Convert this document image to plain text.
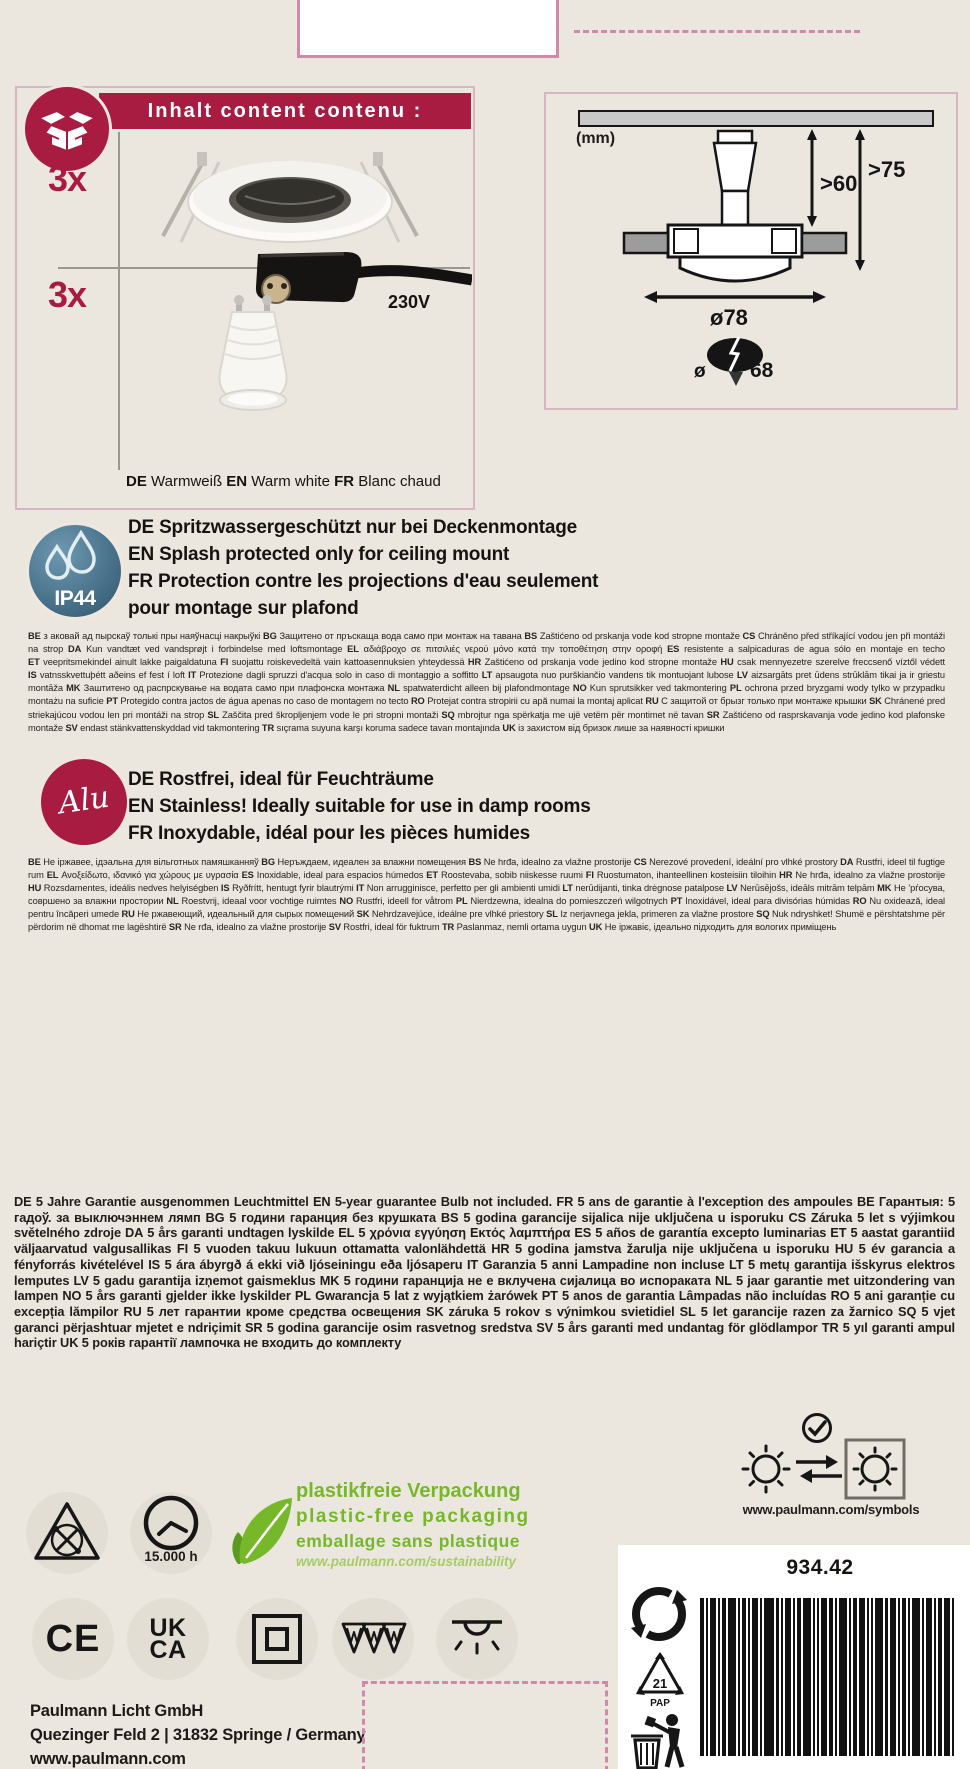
Inhalt content contenu :
3x
3x	230V
DE Warmweiß EN Warm white FR Blanc chaud
(mm)
>60
>75
ø78
ø 68
IP44
DE Spritzwassergeschützt nur bei Deckenmontage
EN Splash protected only for ceiling mount
FR Protection contre les projections d'eau seulement
pour montage sur plafond
BE з аковай ад пырскаў толькі пры наяўнасці накрыўкі BG Защитено от пръскаща вода само при монтаж на тавана BS Zaštićeno od prskanja vode kod stropne montaže CS Chráněno před stříkající vodou jen při montáži na strop DA Kun vandtæt ved vandsprøjt i forbindelse med loftsmontage EL αδιάβροχο σε πιτσιλιές νερού μόνο κατά την τοποθέτηση στην οροφή ES resistente a salpicaduras de agua sólo en montaje en techo ET veepritsmekindel ainult lakke paigaldatuna FI suojattu roiskevedeltä vain kattoasennuksien yhteydessä HR Zaštićeno od prskanja vode jedino kod stropne montaže HU csak mennyezetre szerelve freccsenő víztől védett IS vatnsskvettuþétt aðeins ef fest í loft IT Protezione dagli spruzzi d'acqua solo in caso di montaggio a soffitto LT apsaugota nuo purškiančio vandens tik montuojant lubose LV aizsargāts pret ūdens strūklām tikai ja ir griestu montāža MK Заштитено од распрскување на водата само при плафонска монтажа NL spatwaterdicht alleen bij plafondmontage NO Kun sprutsikker ved takmontering PL ochrona przed bryzgami wody tylko w przypadku montażu na suficie PT Protegido contra jactos de água apenas no caso de montagem no tecto RO Protejat contra stropirii cu apă numai la montaj aplicat RU С защитой от брызг только при монтаже крышки SK Chránené pred striekajúcou vodou len pri montáži na strop SL Zaščita pred škropljenjem vode le pri stropni montaži SQ mbrojtur nga spërkatja me ujë vetëm për montimet në tavan SR Zaštićeno od rasprskavanja vode jedino kod plafonske montaže SV endast stänkvattenskyddad vid takmontering TR sıçrama suyuna karşı koruma sadece tavan montajında UK із захистом від бризок лише за наявності кришки
Alu
DE Rostfrei, ideal für Feuchträume
EN Stainless! Ideally suitable for use in damp rooms
FR Inoxydable, idéal pour les pièces humides
BE Не іржавее, ідэальна для вільготных памяшканняў BG Неръждаем, идеален за влажни помещения BS Ne hrđa, idealno za vlažne prostorije CS Nerezové provedení, ideální pro vlhké prostory DA Rustfri, ideel til fugtige rum EL Ανοξείδωτο, ιδανικό για χώρους με υγρασία ES Inoxidable, ideal para espacios húmedos ET Roostevaba, sobib niiskesse ruumi FI Ruostumaton, ihanteellinen kosteisiin tiloihin HR Ne hrđa, idealno za vlažne prostorije HU Rozsdamentes, ideális nedves helyiségben IS Ryðfrítt, hentugt fyrir blautrými IT Non arrugginisce, perfetto per gli ambienti umidi LT nerūdijanti, tinka drėgnose patalpose LV Nerūsējošs, ideāls mitrām telpām MK Не ’рѓосува, совршено за влажни простории NL Roestvrij, ideaal voor vochtige ruimtes NO Rustfri, ideell for våtrom PL Nierdzewna, idealna do pomieszczeń wilgotnych PT Inoxidável, ideal para divisórias húmidas RO Nu oxidează, ideal pentru încăperi umede RU Не ржавеющий, идеальный для сырых помещений SK Nehrdzavejúce, ideálne pre vlhké priestory SL Iz nerjavnega jekla, primeren za vlažne prostore SQ Nuk ndryshket! Shumë e përshtatshme për përdorim në dhomat me lagështirë SR Ne rđa, idealno za vlažne prostorije SV Rostfri, ideal för fuktrum TR Paslanmaz, nemli ortama uygun UK Не іржавіє, ідеально підходить для вологих приміщень
DE 5 Jahre Garantie ausgenommen Leuchtmittel EN 5-year guarantee Bulb not included. FR 5 ans de garantie à l'exception des ampoules BE Гарантыя: 5 гадоў. за выключэннем лямп BG 5 години гаранция без крушката BS 5 godina garancije sijalica nije uključena u isporuku CS Záruka 5 let s výjimkou světelného zdroje DA 5 års garanti undtagen lyskilde EL 5 χρόνια εγγύηση Εκτός λαμπτήρα ES 5 años de garantía excepto luminarias ET 5 aastat garantiid väljaarvatud valgusallikas FI 5 vuoden takuu lukuun ottamatta valonlähdettä HR 5 godina jamstva žarulja nije uključena u isporuku HU 5 év garancia a fényforrás kivételével IS 5 ára ábyrgð á ekki við ljóseiningu eða ljósaperu IT Garanzia 5 anni Lampadine non incluse LT 5 metų garantija išskyrus elektros lemputes LV 5 gadu garantija izņemot gaismeklus MK 5 години гаранција не е вклучена сијалица во испораката NL 5 jaar garantie met uitzondering van lampen NO 5 års garanti gjelder ikke lyskilder PL Gwarancja 5 lat z wyjątkiem żarówek PT 5 anos de garantia Lâmpadas não incluídas RO 5 ani garanție cu excepția lămpilor RU 5 лет гарантии кроме средства освещения SK záruka 5 rokov s výnimkou svietidiel SL 5 let garancije razen za žarnico SQ 5 vjet garanci përjashtuar mjetet e ndriçimit SR 5 godina garancije osim rasvetnog sredstva SV 5 års garanti med undantag för glödlampor TR 5 yıl garanti ampul hariçtir UK 5 років гарантії лампочка не входить до комплекту
www.paulmann.com/symbols
15.000 h
plastikfreie Verpackung
plastic-free packaging
emballage sans plastique
www.paulmann.com/sustainability
CE UK
CA
Paulmann Licht GmbH
Quezinger Feld 2 | 31832 Springe / Germany
www.paulmann.com
934.42
21
PAP
